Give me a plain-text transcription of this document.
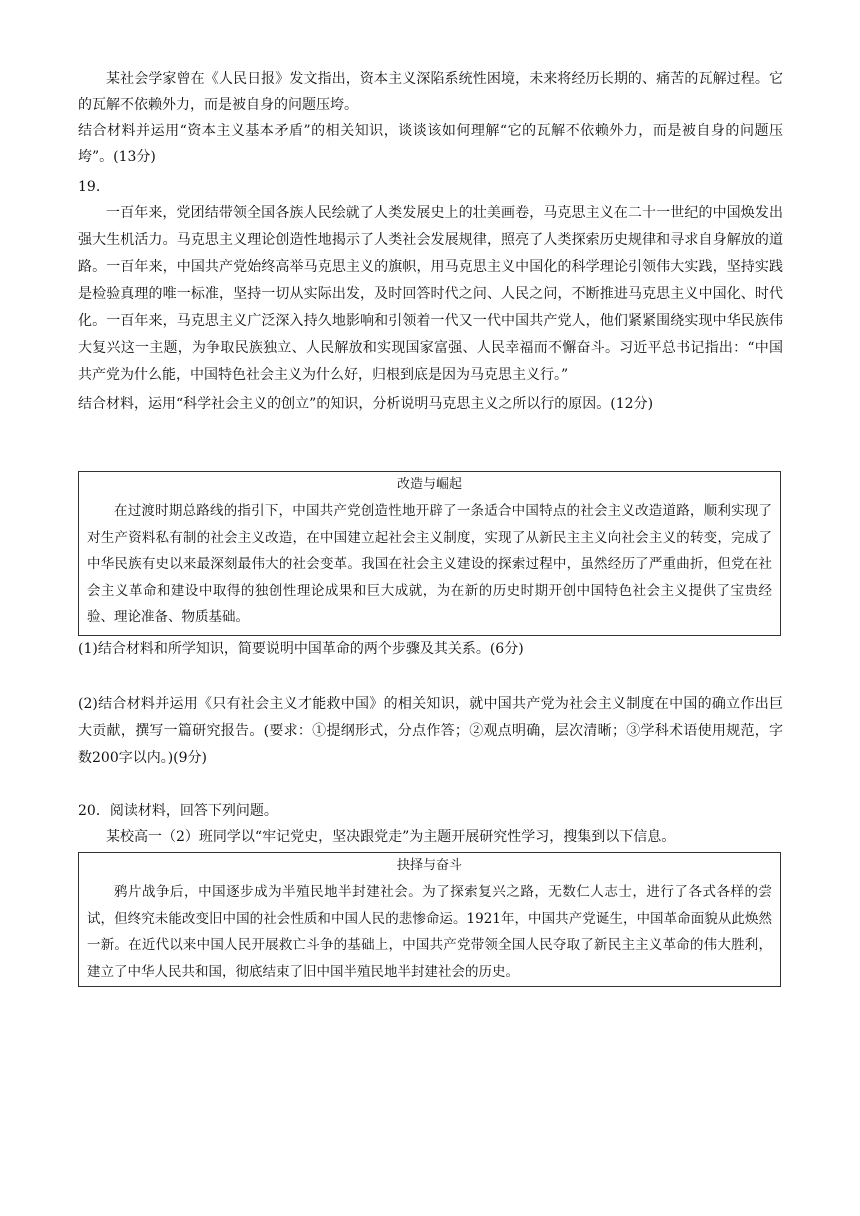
某社会学家曾在《人民日报》发文指出，资本主义深陷系统性困境，未来将经历长期的、痛苦的瓦解过程。它的瓦解不依赖外力，而是被自身的问题压垮。

结合材料并运用“资本主义基本矛盾”的相关知识，谈谈该如何理解“它的瓦解不依赖外力，而是被自身的问题压垮”。(13分)

19.

一百年来，党团结带领全国各族人民绘就了人类发展史上的壮美画卷，马克思主义在二十一世纪的中国焕发出强大生机活力。马克思主义理论创造性地揭示了人类社会发展规律，照亮了人类探索历史规律和寻求自身解放的道路。一百年来，中国共产党始终高举马克思主义的旗帜，用马克思主义中国化的科学理论引领伟大实践，坚持实践是检验真理的唯一标准，坚持一切从实际出发，及时回答时代之问、人民之问，不断推进马克思主义中国化、时代化。一百年来，马克思主义广泛深入持久地影响和引领着一代又一代中国共产党人，他们紧紧围绕实现中华民族伟大复兴这一主题，为争取民族独立、人民解放和实现国家富强、人民幸福而不懈奋斗。习近平总书记指出：“中国共产党为什么能，中国特色社会主义为什么好，归根到底是因为马克思主义行。”

结合材料，运用“科学社会主义的创立”的知识，分析说明马克思主义之所以行的原因。(12分)

改造与崛起
在过渡时期总路线的指引下，中国共产党创造性地开辟了一条适合中国特点的社会主义改造道路，顺利实现了对生产资料私有制的社会主义改造，在中国建立起社会主义制度，实现了从新民主主义向社会主义的转变，完成了中华民族有史以来最深刻最伟大的社会变革。我国在社会主义建设的探索过程中，虽然经历了严重曲折，但党在社会主义革命和建设中取得的独创性理论成果和巨大成就，为在新的历史时期开创中国特色社会主义提供了宝贵经验、理论准备、物质基础。

(1)结合材料和所学知识，简要说明中国革命的两个步骤及其关系。(6分)

(2)结合材料并运用《只有社会主义才能救中国》的相关知识，就中国共产党为社会主义制度在中国的确立作出巨大贡献，撰写一篇研究报告。(要求：①提纲形式，分点作答；②观点明确，层次清晰；③学科术语使用规范，字数200字以内。)(9分)

20．阅读材料，回答下列问题。

某校高一（2）班同学以“牢记党史，坚决跟党走”为主题开展研究性学习，搜集到以下信息。

抉择与奋斗
鸦片战争后，中国逐步成为半殖民地半封建社会。为了探索复兴之路，无数仁人志士，进行了各式各样的尝试，但终究未能改变旧中国的社会性质和中国人民的悲惨命运。1921年，中国共产党诞生，中国革命面貌从此焕然一新。在近代以来中国人民开展救亡斗争的基础上，中国共产党带领全国人民夺取了新民主主义革命的伟大胜利，建立了中华人民共和国，彻底结束了旧中国半殖民地半封建社会的历史。
